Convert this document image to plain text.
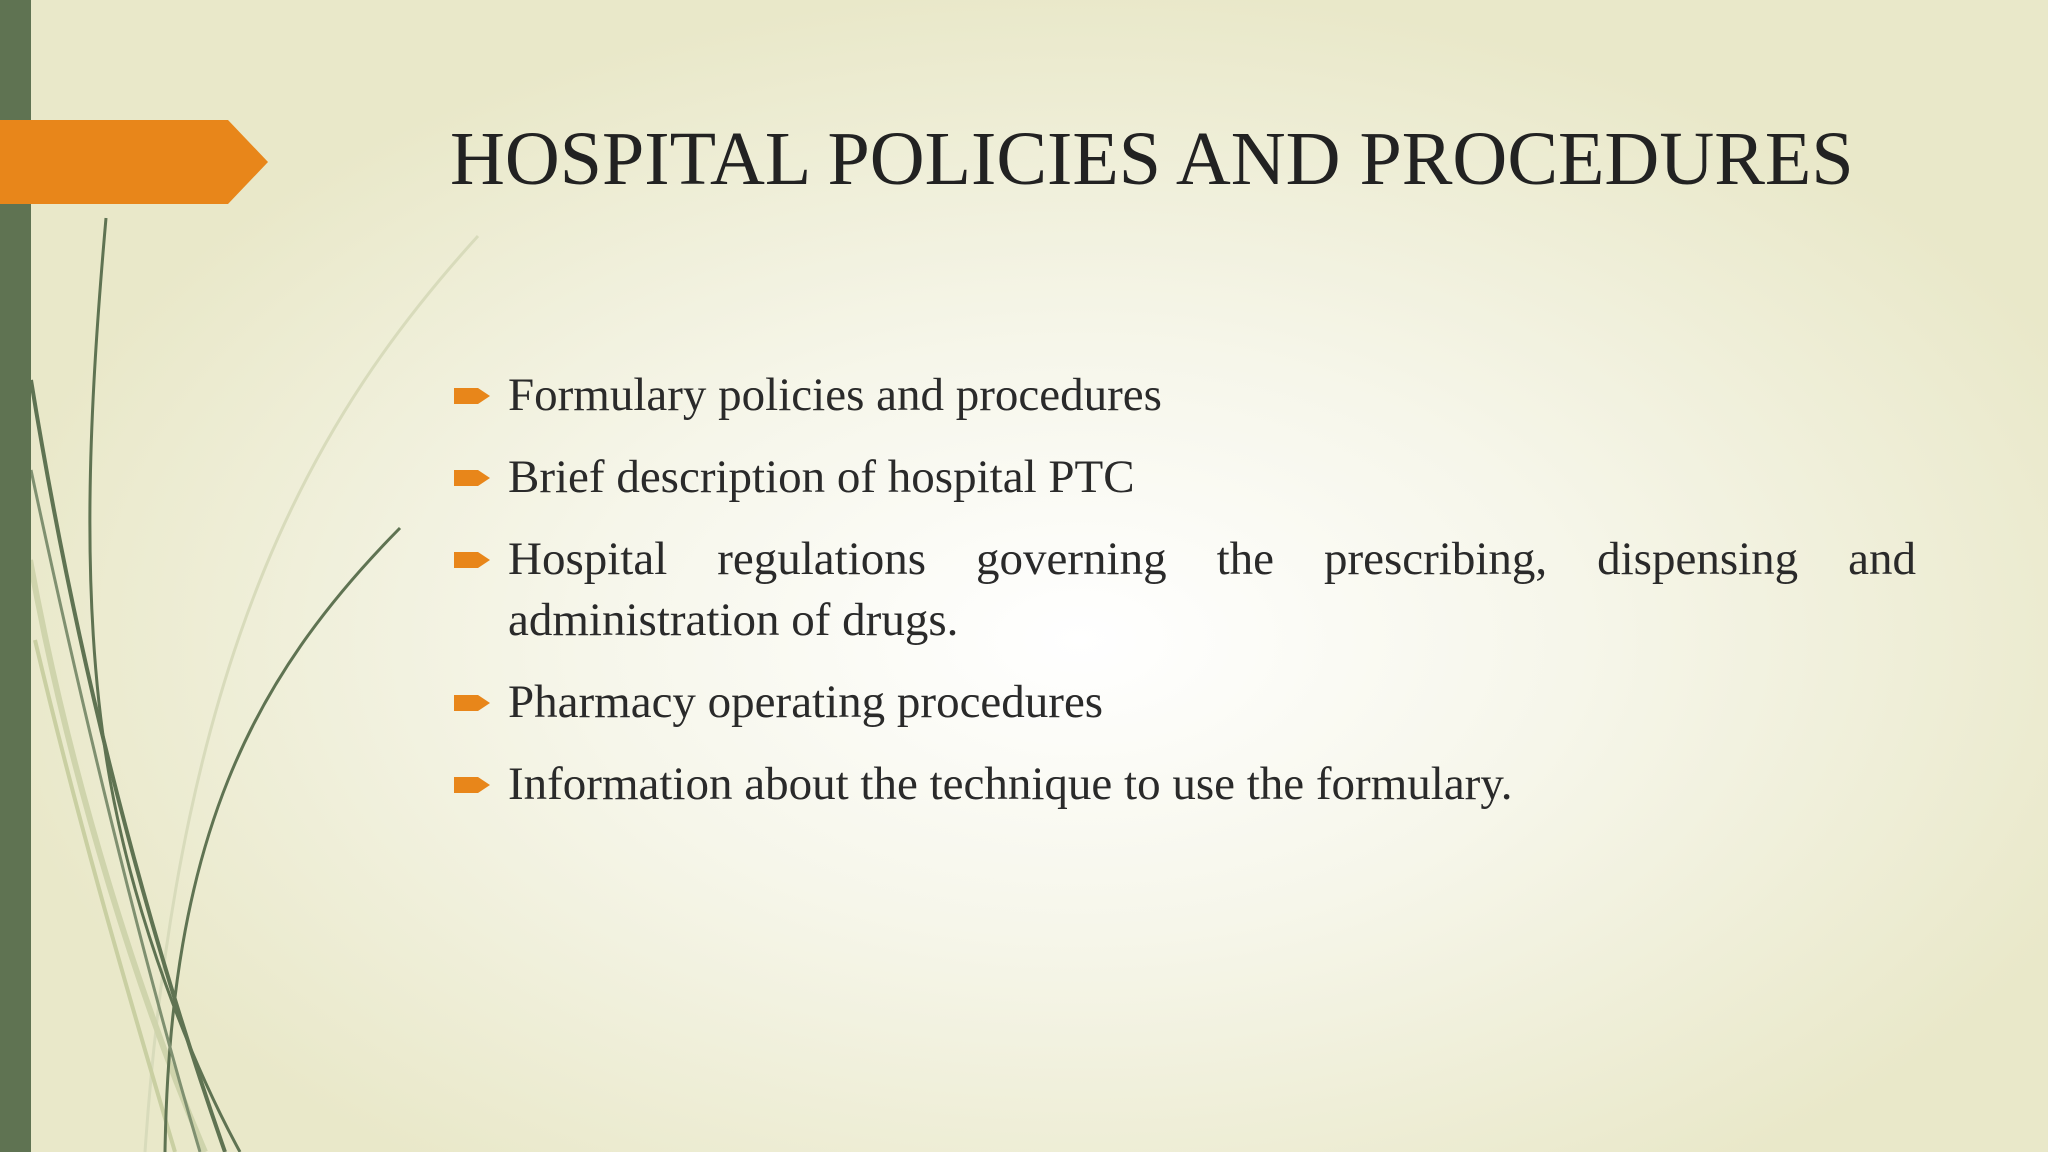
HOSPITAL POLICIES AND PROCEDURES
Formulary policies and procedures
Brief description of hospital PTC
Hospital regulations governing the prescribing, dispensing and administration of drugs.
Pharmacy operating procedures
Information about the technique to use the formulary.
